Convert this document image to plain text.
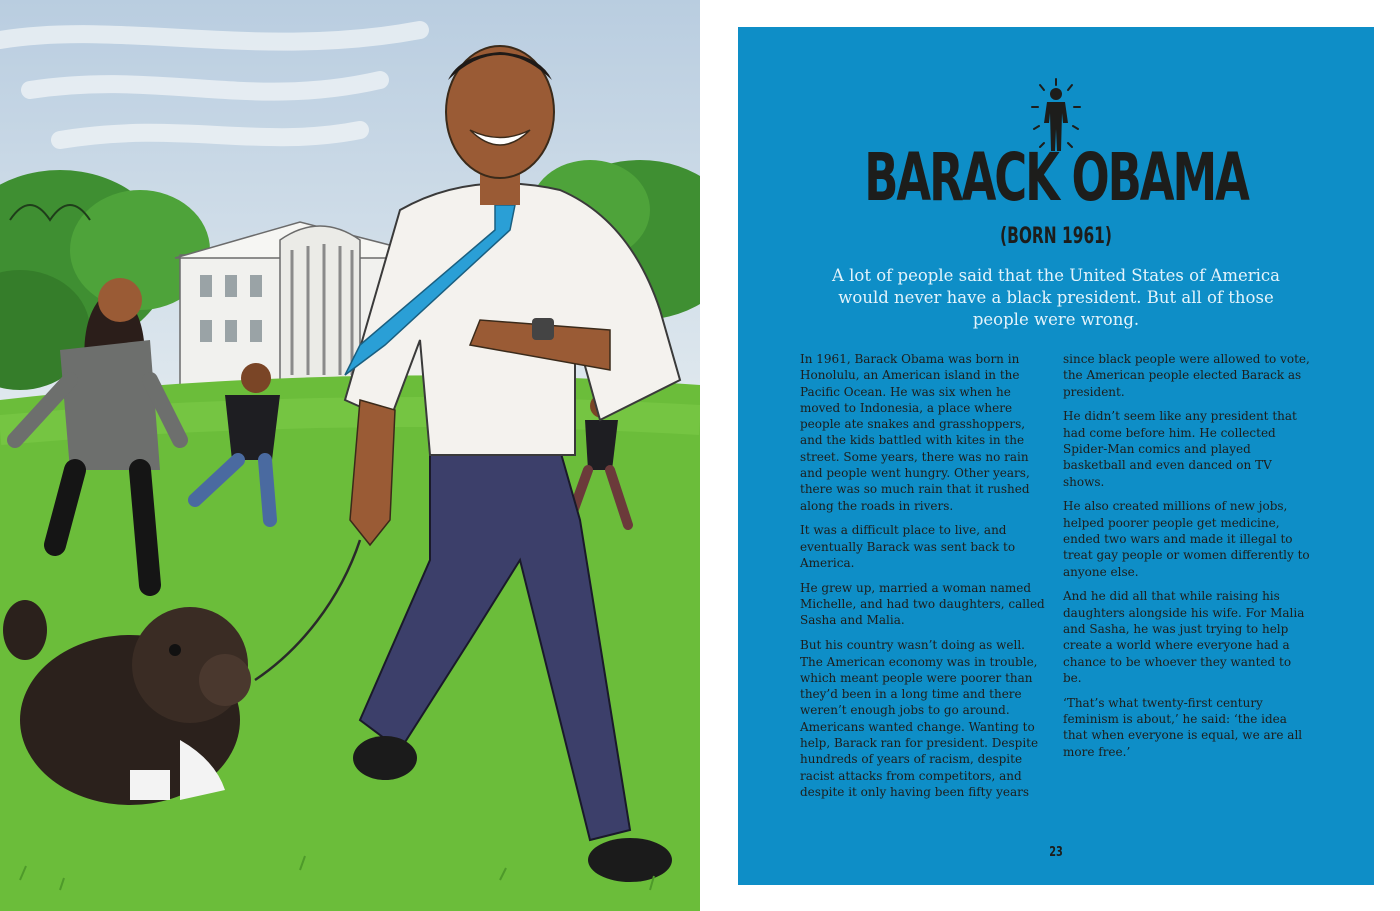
BARACK OBAMA
(BORN 1961)

A lot of people said that the United States of America would never have a black president. But all of those people were wrong.

In 1961, Barack Obama was born in Honolulu, an American island in the Pacific Ocean. He was six when he moved to Indonesia, a place where people ate snakes and grasshoppers, and the kids battled with kites in the street. Some years, there was no rain and people went hungry. Other years, there was so much rain that it rushed along the roads in rivers.

It was a difficult place to live, and eventually Barack was sent back to America.

He grew up, married a woman named Michelle, and had two daughters, called Sasha and Malia.

But his country wasn’t doing as well. The American economy was in trouble, which meant people were poorer than they’d been in a long time and there weren’t enough jobs to go around. Americans wanted change. Wanting to help, Barack ran for president. Despite hundreds of years of racism, despite racist attacks from competitors, and despite it only having been fifty years

since black people were allowed to vote, the American people elected Barack as president.

He didn’t seem like any president that had come before him. He collected Spider-Man comics and played basketball and even danced on TV shows.

He also created millions of new jobs, helped poorer people get medicine, ended two wars and made it illegal to treat gay people or women differently to anyone else.

And he did all that while raising his daughters alongside his wife. For Malia and Sasha, he was just trying to help create a world where everyone had a chance to be whoever they wanted to be.

‘That’s what twenty-first century feminism is about,’ he said: ‘the idea that when everyone is equal, we are all more free.’

23
